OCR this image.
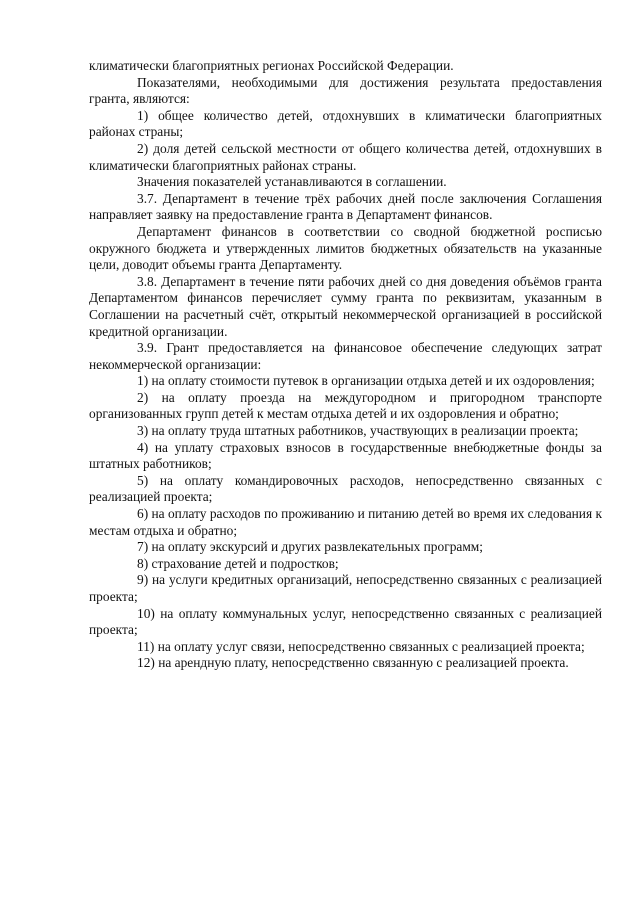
климатически благоприятных регионах Российской Федерации.

Показателями, необходимыми для достижения результата предоставления гранта, являются:

1) общее количество детей, отдохнувших в климатически благоприятных районах страны;

2) доля детей сельской местности от общего количества детей, отдохнувших в климатически благоприятных районах страны.

Значения показателей устанавливаются в соглашении.

3.7. Департамент в течение трёх рабочих дней после заключения Соглашения направляет заявку на предоставление гранта в Департамент финансов.

Департамент финансов в соответствии со сводной бюджетной росписью окружного бюджета и утвержденных лимитов бюджетных обязательств на указанные цели, доводит объемы гранта Департаменту.

3.8. Департамент в течение пяти рабочих дней со дня доведения объёмов гранта Департаментом финансов перечисляет сумму гранта по реквизитам, указанным в Соглашении на расчетный счёт, открытый некоммерческой организацией в российской кредитной организации.

3.9. Грант предоставляется на финансовое обеспечение следующих затрат некоммерческой организации:

1) на оплату стоимости путевок в организации отдыха детей и их оздоровления;

2) на оплату проезда на междугородном и пригородном транспорте организованных групп детей к местам отдыха детей и их оздоровления и обратно;

3) на оплату труда штатных работников, участвующих в реализации проекта;

4) на уплату страховых взносов в государственные внебюджетные фонды за штатных работников;

5) на оплату командировочных расходов, непосредственно связанных с реализацией проекта;

6) на оплату расходов по проживанию и питанию детей во время их следования к местам отдыха и обратно;

7) на оплату экскурсий и других развлекательных программ;

8) страхование детей и подростков;

9) на услуги кредитных организаций, непосредственно связанных с реализацией проекта;

10) на оплату коммунальных услуг, непосредственно связанных с реализацией проекта;

11) на оплату услуг связи, непосредственно связанных с реализацией проекта;

12) на арендную плату, непосредственно связанную с реализацией проекта.
